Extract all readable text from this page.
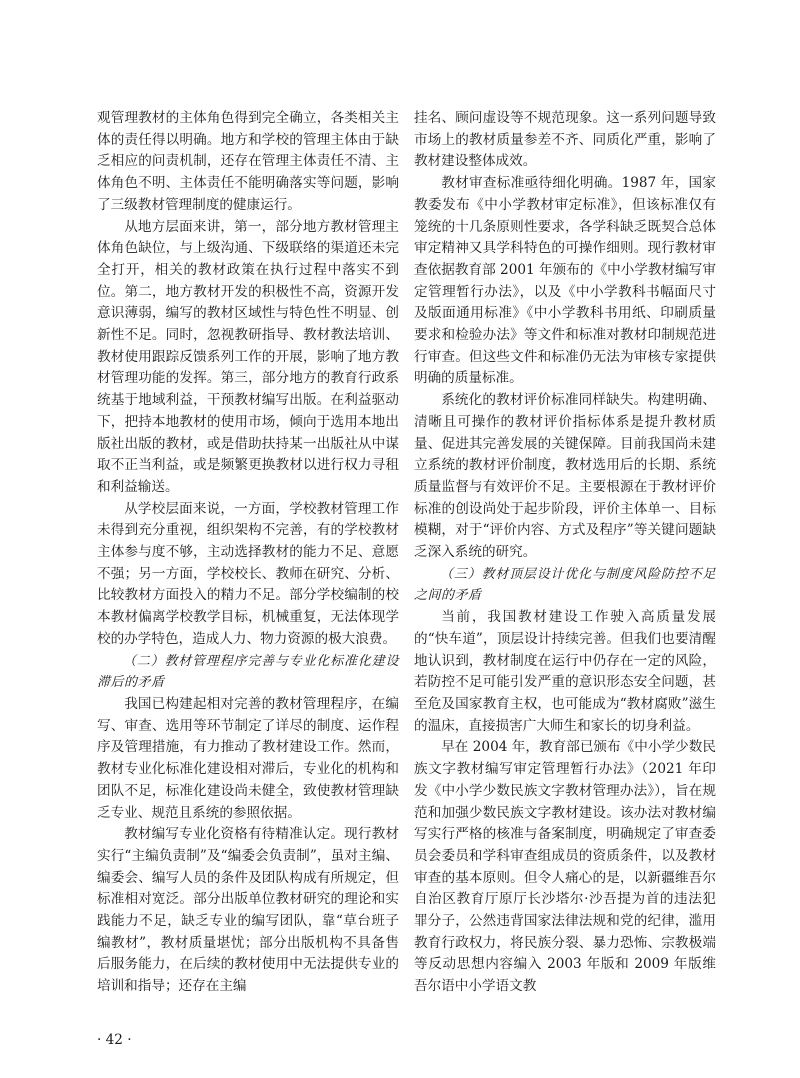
观管理教材的主体角色得到完全确立，各类相关主体的责任得以明确。地方和学校的管理主体由于缺乏相应的问责机制，还存在管理主体责任不清、主体角色不明、主体责任不能明确落实等问题，影响了三级教材管理制度的健康运行。

从地方层面来讲，第一，部分地方教材管理主体角色缺位，与上级沟通、下级联络的渠道还未完全打开，相关的教材政策在执行过程中落实不到位。第二，地方教材开发的积极性不高，资源开发意识薄弱，编写的教材区域性与特色性不明显、创新性不足。同时，忽视教研指导、教材教法培训、教材使用跟踪反馈系列工作的开展，影响了地方教材管理功能的发挥。第三，部分地方的教育行政系统基于地域利益，干预教材编写出版。在利益驱动下，把持本地教材的使用市场，倾向于选用本地出版社出版的教材，或是借助扶持某一出版社从中谋取不正当利益，或是频繁更换教材以进行权力寻租和利益输送。

从学校层面来说，一方面，学校教材管理工作未得到充分重视，组织架构不完善，有的学校教材主体参与度不够，主动选择教材的能力不足、意愿不强；另一方面，学校校长、教师在研究、分析、比较教材方面投入的精力不足。部分学校编制的校本教材偏离学校教学目标，机械重复，无法体现学校的办学特色，造成人力、物力资源的极大浪费。

（二）教材管理程序完善与专业化标准化建设滞后的矛盾

我国已构建起相对完善的教材管理程序，在编写、审查、选用等环节制定了详尽的制度、运作程序及管理措施，有力推动了教材建设工作。然而，教材专业化标准化建设相对滞后，专业化的机构和团队不足，标准化建设尚未健全，致使教材管理缺乏专业、规范且系统的参照依据。

教材编写专业化资格有待精准认定。现行教材实行“主编负责制”及“编委会负责制”，虽对主编、编委会、编写人员的条件及团队构成有所规定，但标准相对宽泛。部分出版单位教材研究的理论和实践能力不足，缺乏专业的编写团队，靠“草台班子编教材”，教材质量堪忧；部分出版机构不具备售后服务能力，在后续的教材使用中无法提供专业的培训和指导；还存在主编

挂名、顾问虚设等不规范现象。这一系列问题导致市场上的教材质量参差不齐、同质化严重，影响了教材建设整体成效。

教材审查标准亟待细化明确。1987 年，国家教委发布《中小学教材审定标准》，但该标准仅有笼统的十几条原则性要求，各学科缺乏既契合总体审定精神又具学科特色的可操作细则。现行教材审查依据教育部 2001 年颁布的《中小学教材编写审定管理暂行办法》，以及《中小学教科书幅面尺寸及版面通用标准》《中小学教科书用纸、印刷质量要求和检验办法》等文件和标准对教材印制规范进行审查。但这些文件和标准仍无法为审核专家提供明确的质量标准。

系统化的教材评价标准同样缺失。构建明确、清晰且可操作的教材评价指标体系是提升教材质量、促进其完善发展的关键保障。目前我国尚未建立系统的教材评价制度，教材选用后的长期、系统质量监督与有效评价不足。主要根源在于教材评价标准的创设尚处于起步阶段，评价主体单一、目标模糊，对于“评价内容、方式及程序”等关键问题缺乏深入系统的研究。

（三）教材顶层设计优化与制度风险防控不足之间的矛盾

当前，我国教材建设工作驶入高质量发展的“快车道”，顶层设计持续完善。但我们也要清醒地认识到，教材制度在运行中仍存在一定的风险，若防控不足可能引发严重的意识形态安全问题，甚至危及国家教育主权，也可能成为“教材腐败”滋生的温床，直接损害广大师生和家长的切身利益。

早在 2004 年，教育部已颁布《中小学少数民族文字教材编写审定管理暂行办法》（2021 年印发《中小学少数民族文字教材管理办法》），旨在规范和加强少数民族文字教材建设。该办法对教材编写实行严格的核准与备案制度，明确规定了审查委员会委员和学科审查组成员的资质条件，以及教材审查的基本原则。但令人痛心的是，以新疆维吾尔自治区教育厅原厅长沙塔尔·沙吾提为首的违法犯罪分子，公然违背国家法律法规和党的纪律，滥用教育行政权力，将民族分裂、暴力恐怖、宗教极端等反动思想内容编入 2003 年版和 2009 年版维吾尔语中小学语文教

· 42 ·
